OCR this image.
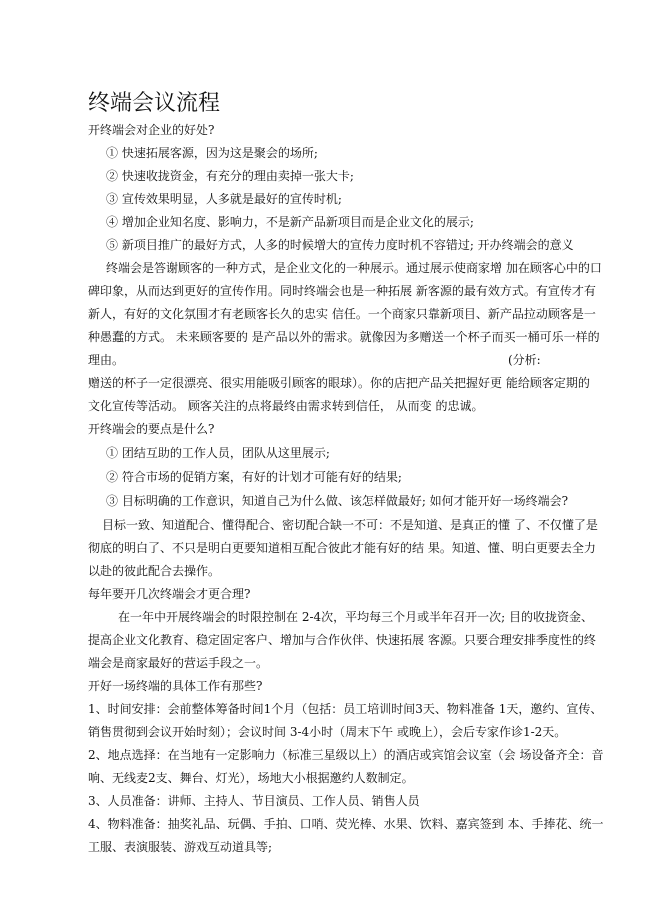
终端会议流程
开终端会对企业的好处?
① 快速拓展客源，因为这是聚会的场所;
② 快速收拢资金，有充分的理由卖掉一张大卡;
③ 宣传效果明显，人多就是最好的宣传时机;
④ 增加企业知名度、影响力，不是新产品新项目而是企业文化的展示;
⑤ 新项目推广的最好方式，人多的时候增大的宣传力度时机不容错过; 开办终端会的意义
终端会是答谢顾客的一种方式，是企业文化的一种展示。通过展示使商家增 加在顾客心中的口
碑印象，从而达到更好的宣传作用。同时终端会也是一种拓展 新客源的最有效方式。有宣传才有
新人，有好的文化氛围才有老顾客长久的忠实 信任。一个商家只靠新项目、新产品拉动顾客是一
种愚蠢的方式。 未来顾客要的 是产品以外的需求。就像因为多赠送一个杯子而买一桶可乐一样的
理由。	(分析:
赠送的杯子一定很漂亮、很实用能吸引顾客的眼球）。你的店把产品关把握好更 能给顾客定期的
文化宣传等活动。 顾客关注的点将最终由需求转到信任， 从而变 的忠诚。
开终端会的要点是什么?
① 团结互助的工作人员，团队从这里展示;
② 符合市场的促销方案，有好的计划才可能有好的结果;
③ 目标明确的工作意识，知道自己为什么做、该怎样做最好; 如何才能开好一场终端会?
目标一致、知道配合、懂得配合、密切配合缺一不可：不是知道、是真正的懂 了、不仅懂了是
彻底的明白了、不只是明白更要知道相互配合彼此才能有好的结 果。知道、懂、明白更要去全力
以赴的彼此配合去操作。
每年要开几次终端会才更合理?
在一年中开展终端会的时限控制在 2-4次，平均每三个月或半年召开一次; 目的收拢资金、
提高企业文化教育、稳定固定客户、增加与合作伙伴、快速拓展 客源。只要合理安排季度性的终
端会是商家最好的营运手段之一。
开好一场终端的具体工作有那些?
1、时间安排：会前整体筹备时间1个月（包括：员工培训时间3天、物料准备 1天，邀约、宣传、
销售贯彻到会议开始时刻）；会议时间 3-4小时（周末下午 或晚上），会后专家作诊1-2天。
2、地点选择：在当地有一定影响力（标准三星级以上）的酒店或宾馆会议室（会 场设备齐全：音
响、无线麦2支、舞台、灯光），场地大小根据邀约人数制定。
3、人员准备：讲师、主持人、节目演员、工作人员、销售人员
4、物料准备：抽奖礼品、玩偶、手拍、口哨、荧光棒、水果、饮料、嘉宾签到 本、手捧花、统一
工服、表演服装、游戏互动道具等;
